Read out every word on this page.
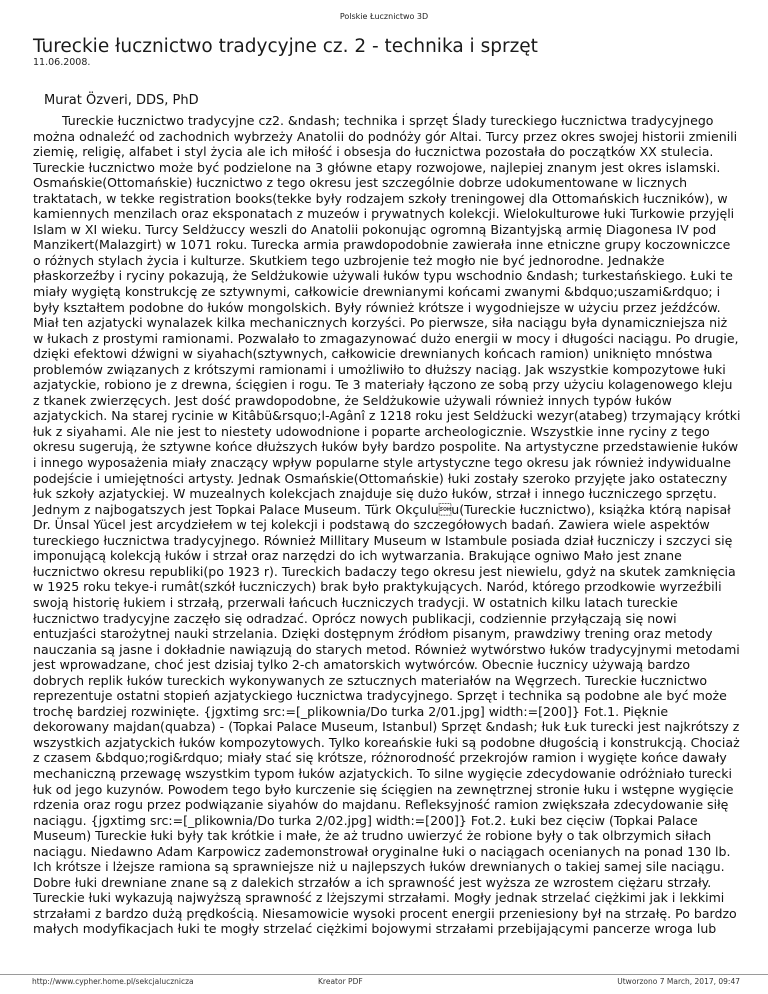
Polskie Łucznictwo 3D
Tureckie łucznictwo tradycyjne cz. 2 - technika i sprzęt
11.06.2008.
Murat Özveri, DDS, PhD

Tureckie łucznictwo tradycyjne cz2. &ndash; technika i sprzęt Ślady tureckiego łucznictwa tradycyjnego można odnaleźć od zachodnich wybrzeży Anatolii do podnóży gór Altai. Turcy przez okres swojej historii zmienili ziemię, religię, alfabet i styl życia ale ich miłość i obsesja do łucznictwa pozostała do początków XX stulecia. Tureckie łucznictwo może być podzielone na 3 główne etapy rozwojowe, najlepiej znanym jest okres islamski. Osmańskie(Ottomańskie) łucznictwo z tego okresu jest szczególnie dobrze udokumentowane w licznych traktatach, w tekke registration books(tekke były rodzajem szkoły treningowej dla Ottomańskich łuczników), w kamiennych menzilach oraz eksponatach z muzeów i prywatnych kolekcji. Wielokulturowe łuki Turkowie przyjęli Islam w XI wieku. Turcy Seldżuccy weszli do Anatolii pokonując ogromną Bizantyjską armię Diagonesa IV pod Manzikert(Malazgirt) w 1071 roku. Turecka armia prawdopodobnie zawierała inne etniczne grupy koczowniczce o różnych stylach życia i kulturze. Skutkiem tego uzbrojenie też mogło nie być jednorodne. Jednakże płaskorzeźby i ryciny pokazują, że Seldżukowie używali łuków typu wschodnio &ndash; turkestańskiego. Łuki te miały wygiętą konstrukcję ze sztywnymi, całkowicie drewnianymi końcami zwanymi &bdquo;uszami&rdquo; i były kształtem podobne do łuków mongolskich. Były również krótsze i wygodniejsze w użyciu przez jeźdźców. Miał ten azjatycki wynalazek kilka mechanicznych korzyści. Po pierwsze, siła naciągu była dynamiczniejsza niż w łukach z prostymi ramionami. Pozwalało to zmagazynować dużo energii w mocy i długości naciągu. Po drugie, dzięki efektowi dźwigni w siyahach(sztywnych, całkowicie drewnianych końcach ramion) uniknięto mnóstwa problemów związanych z krótszymi ramionami i umożliwiło to dłuższy naciąg. Jak wszystkie kompozytowe łuki azjatyckie, robiono je z drewna, ścięgien i rogu. Te 3 materiały łączono ze sobą przy użyciu kolagenowego kleju z tkanek zwierzęcych. Jest dość prawdopodobne, że Seldżukowie używali również innych typów łuków azjatyckich. Na starej rycinie w Kitâbü&rsquo;l-Agânî z 1218 roku jest Seldżucki wezyr(atabeg) trzymający krótki łuk z siyahami. Ale nie jest to niestety udowodnione i poparte archeologicznie. Wszystkie inne ryciny z tego okresu sugerują, że sztywne końce dłuższych łuków były bardzo pospolite. Na artystyczne przedstawienie łuków i innego wyposażenia miały znaczący wpływ popularne style artystyczne tego okresu jak również indywidualne podejście i umiejętności artysty. Jednak Osmańskie(Ottomańskie) łuki zostały szeroko przyjęte jako ostateczny łuk szkoły azjatyckiej. W muzealnych kolekcjach znajduje się dużo łuków, strzał i innego łuczniczego sprzętu. Jednym z najbogatszych jest Topkai Palace Museum. Türk Okçuluu(Tureckie łucznictwo), książka którą napisał Dr. Ünsal Yücel jest arcydziełem w tej kolekcji i podstawą do szczegółowych badań. Zawiera wiele aspektów tureckiego łucznictwa tradycyjnego. Również Millitary Museum w Istambule posiada dział łuczniczy i szczyci się imponującą kolekcją łuków i strzał oraz narzędzi do ich wytwarzania. Brakujące ogniwo Mało jest znane łucznictwo okresu republiki(po 1923 r). Tureckich badaczy tego okresu jest niewielu, gdyż na skutek zamknięcia w 1925 roku tekye-i rumât(szkół łuczniczych) brak było praktykujących. Naród, którego przodkowie wyrzeźbili swoją historię łukiem i strzałą, przerwali łańcuch łuczniczych tradycji. W ostatnich kilku latach tureckie łucznictwo tradycyjne zaczęło się odradzać. Oprócz nowych publikacji, codziennie przyłączają się nowi entuzjaści starożytnej nauki strzelania. Dzięki dostępnym źródłom pisanym, prawdziwy trening oraz metody nauczania są jasne i dokładnie nawiązują do starych metod. Również wytwórstwo łuków tradycyjnymi metodami jest wprowadzane, choć jest dzisiaj tylko 2-ch amatorskich wytwórców. Obecnie łucznicy używają bardzo dobrych replik łuków tureckich wykonywanych ze sztucznych materiałów na Węgrzech. Tureckie łucznictwo reprezentuje ostatni stopień azjatyckiego łucznictwa tradycyjnego. Sprzęt i technika są podobne ale być może trochę bardziej rozwinięte. {jgxtimg src:=[_plikownia/Do turka 2/01.jpg] width:=[200]} Fot.1. Pięknie dekorowany majdan(quabza) - (Topkai Palace Museum, Istanbul) Sprzęt &ndash; łuk Łuk turecki jest najkrótszy z wszystkich azjatyckich łuków kompozytowych. Tylko koreańskie łuki są podobne długością i konstrukcją. Chociaż z czasem &bdquo;rogi&rdquo; miały stać się krótsze, różnorodność przekrojów ramion i wygięte końce dawały mechaniczną przewagę wszystkim typom łuków azjatyckich. To silne wygięcie zdecydowanie odróżniało turecki łuk od jego kuzynów. Powodem tego było kurczenie się ścięgien na zewnętrznej stronie łuku i wstępne wygięcie rdzenia oraz rogu przez podwiązanie siyahów do majdanu. Refleksyjność ramion zwiększała zdecydowanie siłę naciągu. {jgxtimg src:=[_plikownia/Do turka 2/02.jpg] width:=[200]} Fot.2. Łuki bez cięciw (Topkai Palace Museum) Tureckie łuki były tak krótkie i małe, że aż trudno uwierzyć że robione były o tak olbrzymich siłach naciągu. Niedawno Adam Karpowicz zademonstrował oryginalne łuki o naciągach ocenianych na ponad 130 lb. Ich krótsze i lżejsze ramiona są sprawniejsze niż u najlepszych łuków drewnianych o takiej samej sile naciągu. Dobre łuki drewniane znane są z dalekich strzałów a ich sprawność jest wyższa ze wzrostem ciężaru strzały. Tureckie łuki wykazują najwyższą sprawność z lżejszymi strzałami. Mogły jednak strzelać ciężkimi jak i lekkimi strzałami z bardzo dużą prędkością. Niesamowicie wysoki procent energii przeniesiony był na strzałę. Po bardzo małych modyfikacjach łuki te mogły strzelać ciężkimi bojowymi strzałami przebijającymi pancerze wroga lub

http://www.cypher.home.pl/sekcjalucznicza	Kreator PDF	Utworzono 7 March, 2017, 09:47
